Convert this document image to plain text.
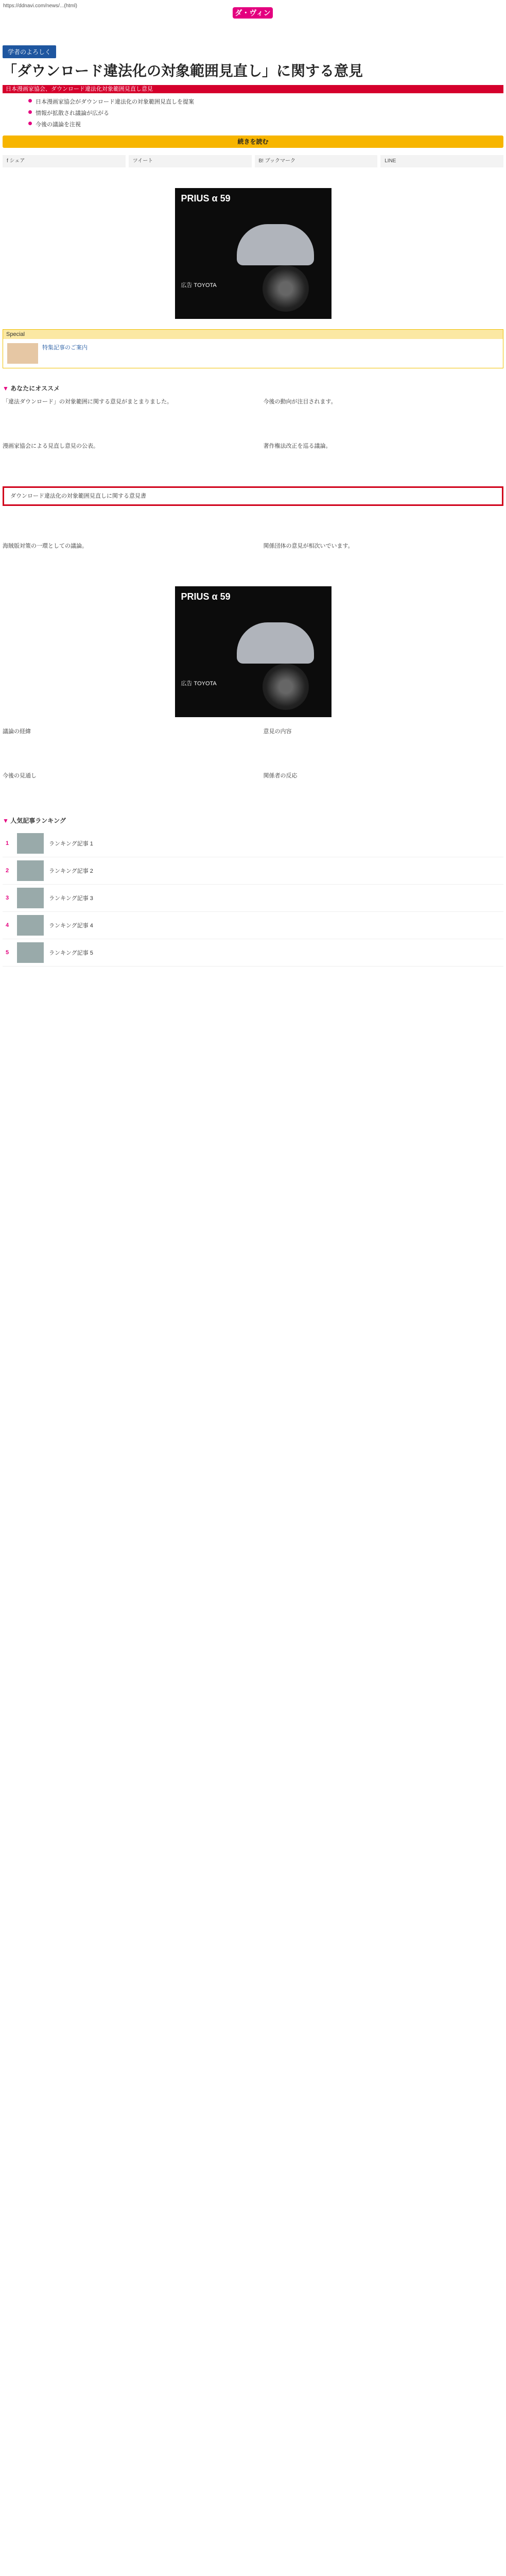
https://ddnavi.com/news/...(html)
ダ・ヴィンチ
学者のよろしく
「ダウンロード違法化の対象範囲見直し」に関する意見
日本漫画家協会、ダウンロード違法化対象範囲見直し意見
日本漫画家協会がダウンロード違法化の対象範囲見直しを提案
情報が拡散され議論が広がる
今後の議論を注視
続きを読む
f シェア	ツイート	B! ブックマーク	LINE
PRIUS α 59
広告 TOYOTA
Special
特集記事のご案内
▼ あなたにオススメ

「違法ダウンロード」の対象範囲に関する意見がまとまりました。	今後の動向が注目されます。

漫画家協会による見直し意見の公表。	著作権法改正を巡る議論。

ダウンロード違法化の対象範囲見直しに関する意見書

海賊版対策の一環としての議論。	関係団体の意見が相次いでいます。

PRIUS α 59
広告 TOYOTA

議論の経緯	意見の内容

今後の見通し	関係者の反応

▼ 人気記事ランキング
1	ランキング記事 1
2	ランキング記事 2
3	ランキング記事 3
4	ランキング記事 4
5	ランキング記事 5
